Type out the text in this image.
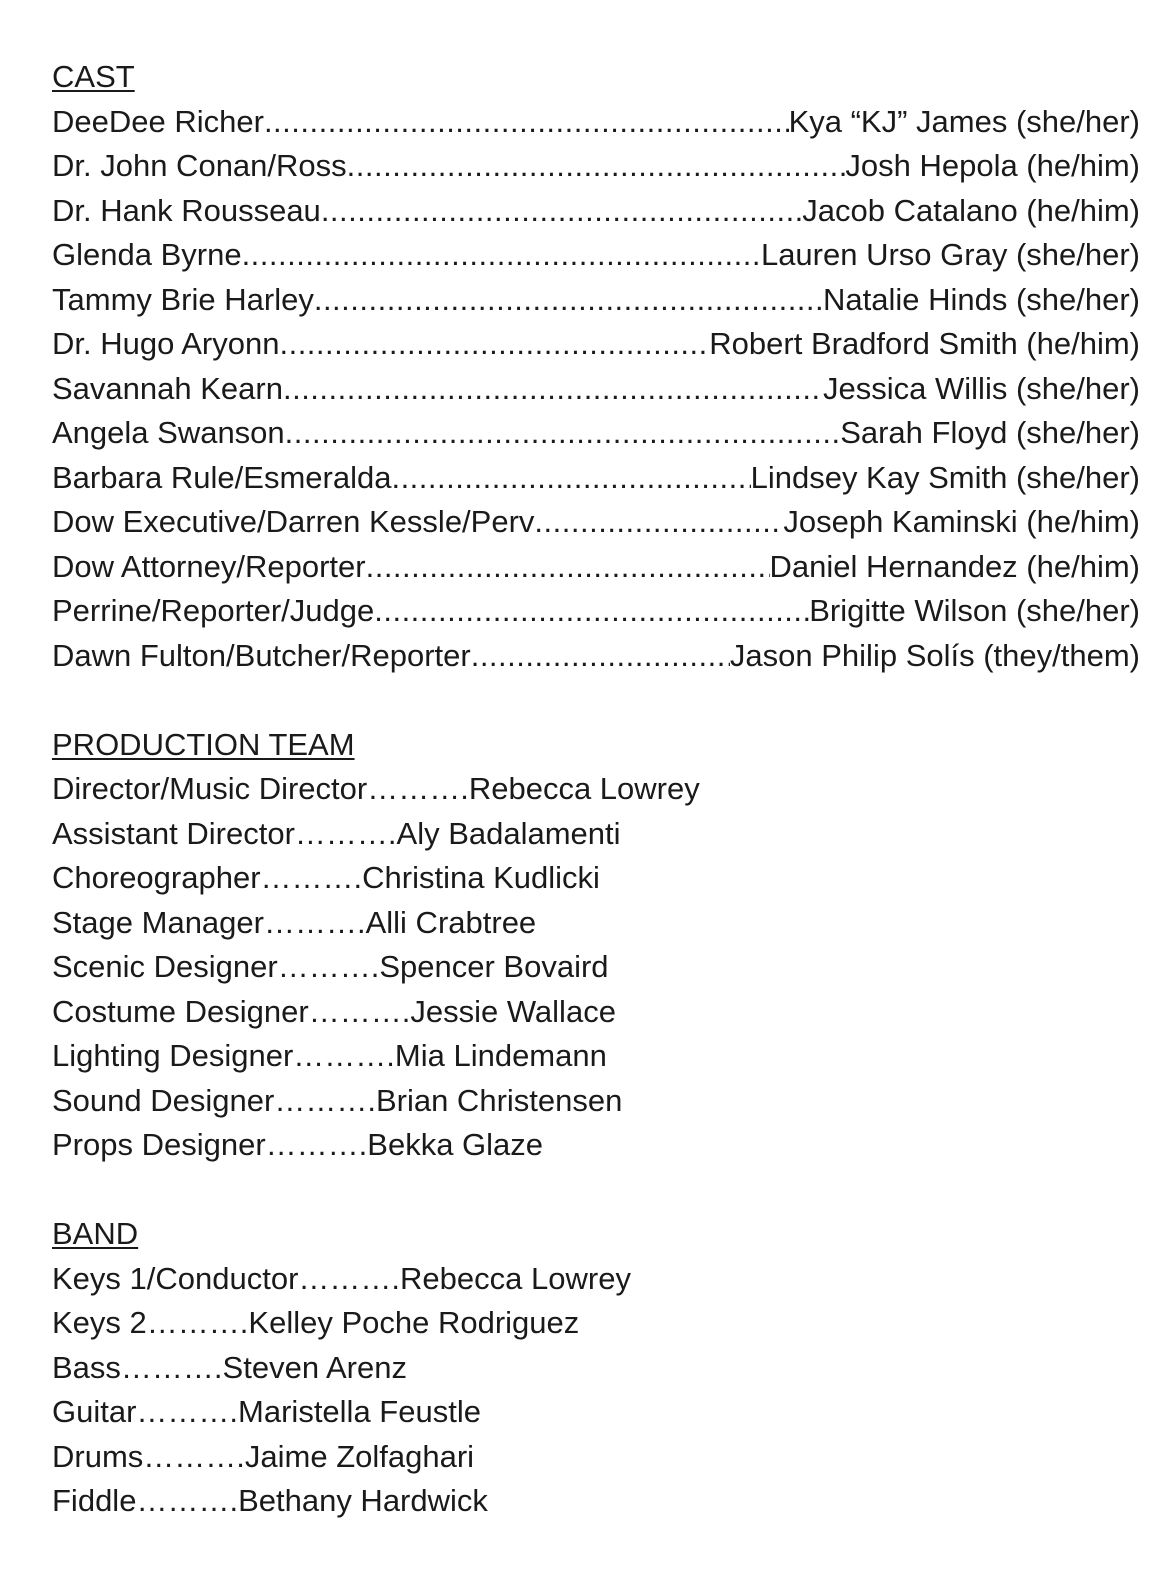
CAST
DeeDee Richer .....	Kya “KJ” James (she/her)
Dr. John Conan/Ross .....	Josh Hepola (he/him)
Dr. Hank Rousseau .....	Jacob Catalano (he/him)
Glenda Byrne .....	Lauren Urso Gray (she/her)
Tammy Brie Harley .....	Natalie Hinds (she/her)
Dr. Hugo Aryonn .....	Robert Bradford Smith (he/him)
Savannah Kearn .....	Jessica Willis (she/her)
Angela Swanson .....	Sarah Floyd (she/her)
Barbara Rule/Esmeralda .....	Lindsey Kay Smith (she/her)
Dow Executive/Darren Kessle/Perv .....	Joseph Kaminski (he/him)
Dow Attorney/Reporter .....	Daniel Hernandez (he/him)
Perrine/Reporter/Judge .....	Brigitte Wilson (she/her)
Dawn Fulton/Butcher/Reporter .....	Jason Philip Solís (they/them)
PRODUCTION TEAM
Director/Music Director……….Rebecca Lowrey
Assistant Director……….Aly Badalamenti
Choreographer……….Christina Kudlicki
Stage Manager……….Alli Crabtree
Scenic Designer……….Spencer Bovaird
Costume Designer……….Jessie Wallace
Lighting Designer……….Mia Lindemann
Sound Designer……….Brian Christensen
Props Designer……….Bekka Glaze
BAND
Keys 1/Conductor……….Rebecca Lowrey
Keys 2……….Kelley Poche Rodriguez
Bass……….Steven Arenz
Guitar……….Maristella Feustle
Drums……….Jaime Zolfaghari
Fiddle……….Bethany Hardwick
